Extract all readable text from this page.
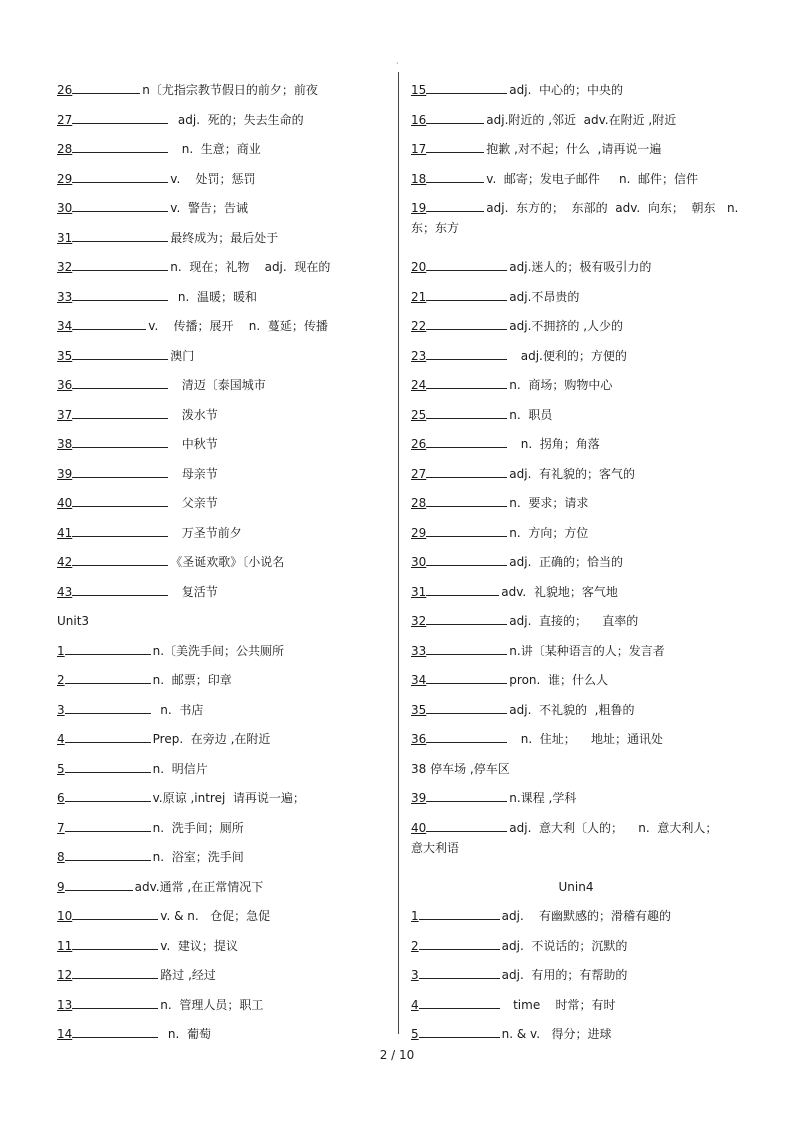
·
26	n〔尤指宗教节假日的前夕；前夜
27	adj.  死的；失去生命的
28	n.  生意；商业
29	v.    处罚；惩罚
30	v.  警告；告诫
31	最终成为；最后处于
32	n.  现在；礼物    adj.  现在的
33	n.  温暖；暖和
34	v.    传播；展开    n.  蔓延；传播
35	澳门
36	清迈〔泰国城市
37	泼水节
38	中秋节
39	母亲节
40	父亲节
41	万圣节前夕
42	《圣诞欢歌》〔小说名
43	复活节
Unit3
1	n.〔美洗手间；公共厕所
2	n.  邮票；印章
3	n.  书店
4	Prep.  在旁边 ,在附近
5	n.  明信片
6	v.原谅 ,intrej  请再说一遍；
7	n.  洗手间；厕所
8	n.  浴室；洗手间
9	adv.通常 ,在正常情况下
10	v. & n.   仓促；急促
11	v.  建议；提议
12	路过 ,经过
13	n.  管理人员；职工
14	n.  葡萄
15	adj.  中心的；中央的
16	adj.附近的 ,邻近  adv.在附近 ,附近
17	抱歉 ,对不起；什么  ,请再说一遍
18	v.  邮寄；发电子邮件     n.  邮件；信件
19	adj.  东方的；  东部的  adv.  向东；  朝东   n.
东；东方
20	adj.迷人的；极有吸引力的
21	adj.不昂贵的
22	adj.不拥挤的 ,人少的
23	adj.便利的；方便的
24	n.  商场；购物中心
25	n.  职员
26	n.  拐角；角落
27	adj.  有礼貌的；客气的
28	n.  要求；请求
29	n.  方向；方位
30	adj.  正确的；恰当的
31	adv.  礼貌地；客气地
32	adj.  直接的；    直率的
33	n.讲〔某种语言的人；发言者
34	pron.  谁；什么人
35	adj.  不礼貌的  ,粗鲁的
36	n.  住址；    地址；通讯处
38 停车场 ,停车区
39	n.课程 ,学科
40	adj.  意大利〔人的；    n.  意大利人；
意大利语
Unin4
1	adj.    有幽默感的；滑稽有趣的
2	adj.  不说话的；沉默的
3	adj.  有用的；有帮助的
4	time    时常；有时
5	n. & v.   得分；进球
2 / 10
